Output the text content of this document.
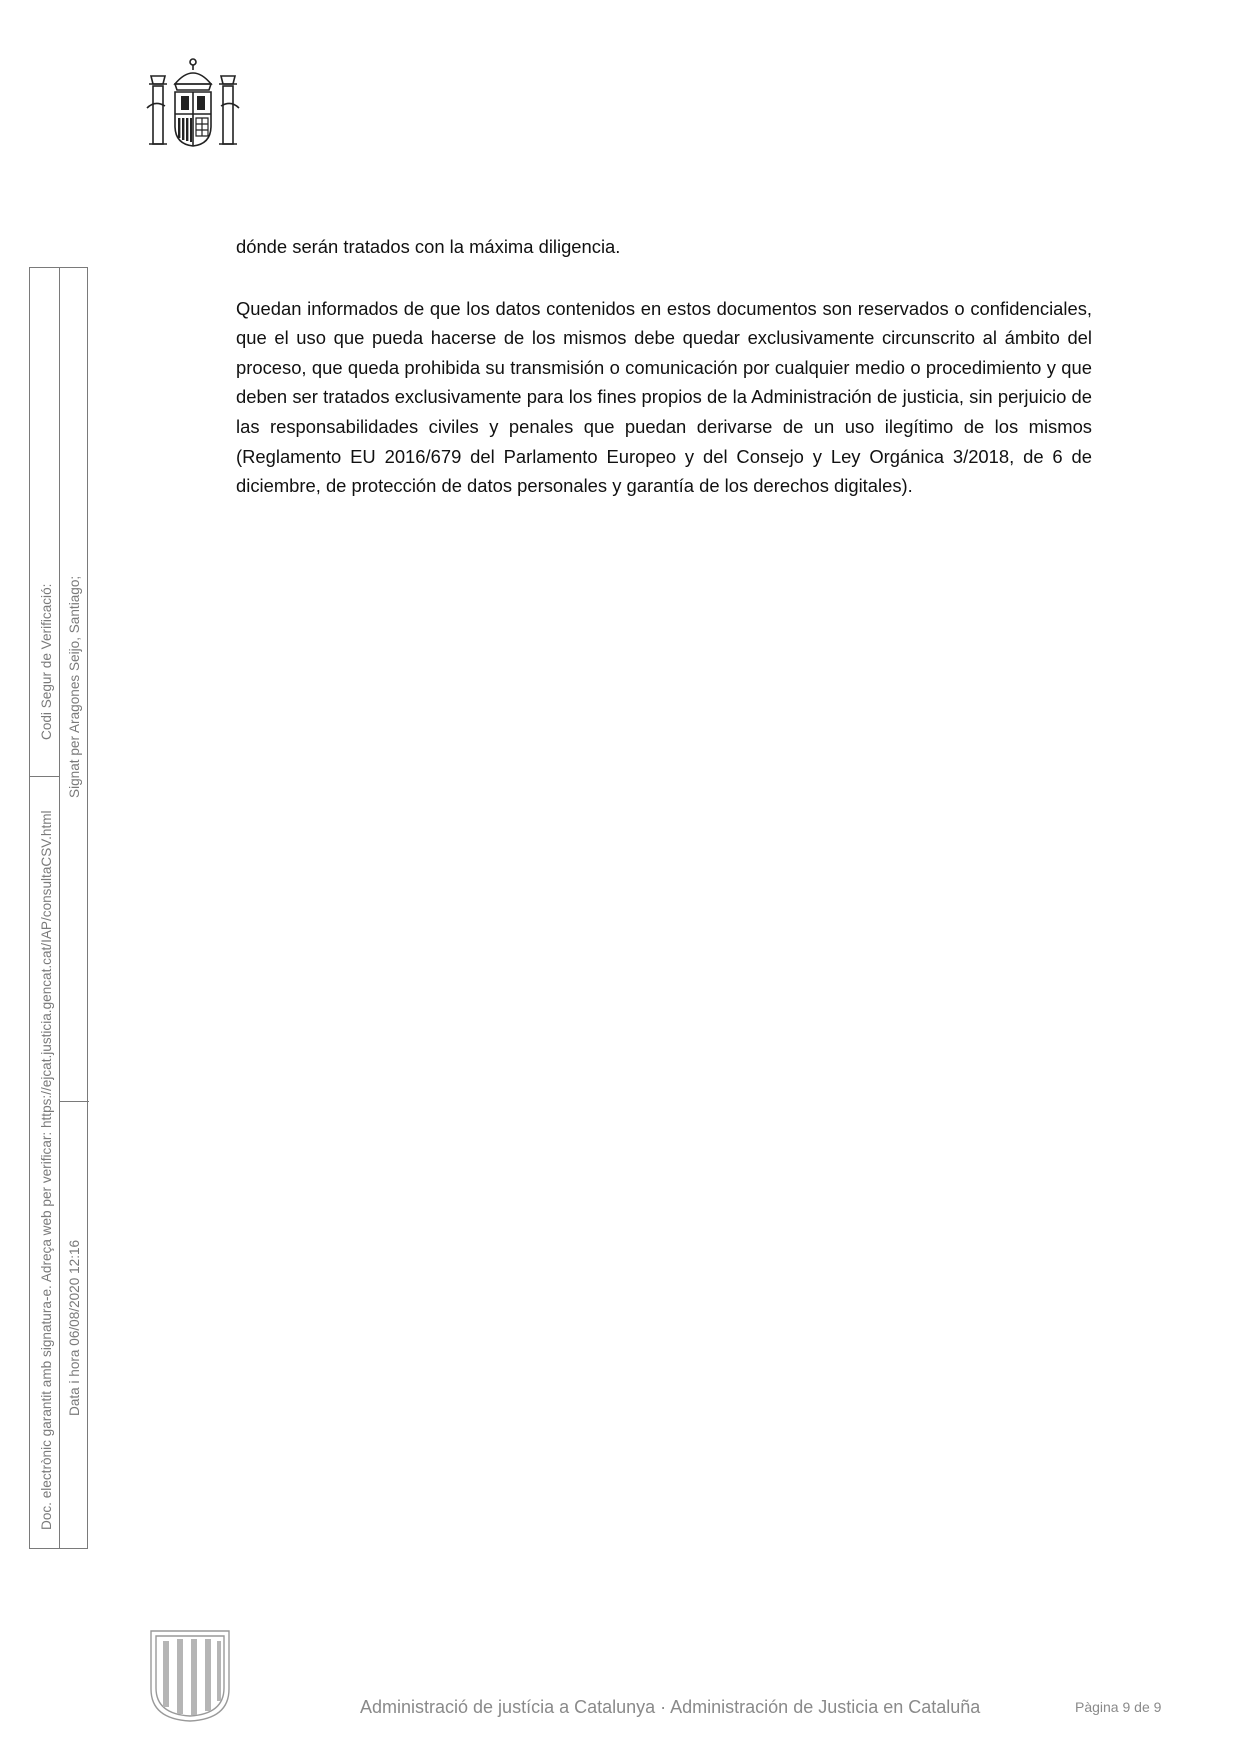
dónde serán tratados con la máxima diligencia.

Quedan informados de que los datos contenidos en estos documentos son reservados o confidenciales, que el uso que pueda hacerse de los mismos debe quedar exclusivamente circunscrito al ámbito del proceso, que queda prohibida su transmisión o comunicación por cualquier medio o procedimiento y que deben ser tratados exclusivamente para los fines propios de la Administración de justicia, sin perjuicio de las responsabilidades civiles y penales que puedan derivarse de un uso ilegítimo de los mismos (Reglamento EU 2016/679 del Parlamento Europeo y del Consejo y Ley Orgánica 3/2018, de 6 de diciembre, de protección de datos personales y garantía de los derechos digitales).

Doc. electrònic garantit amb signatura-e. Adreça web per verificar: https://ejcat.justicia.gencat.cat/IAP/consultaCSV.html
Codi Segur de Verificació:
Data i hora 06/08/2020 12:16
Signat per Aragones Seijo, Santiago;
Administració de justícia a Catalunya · Administración de Justicia en Cataluña	Pàgina 9 de 9
